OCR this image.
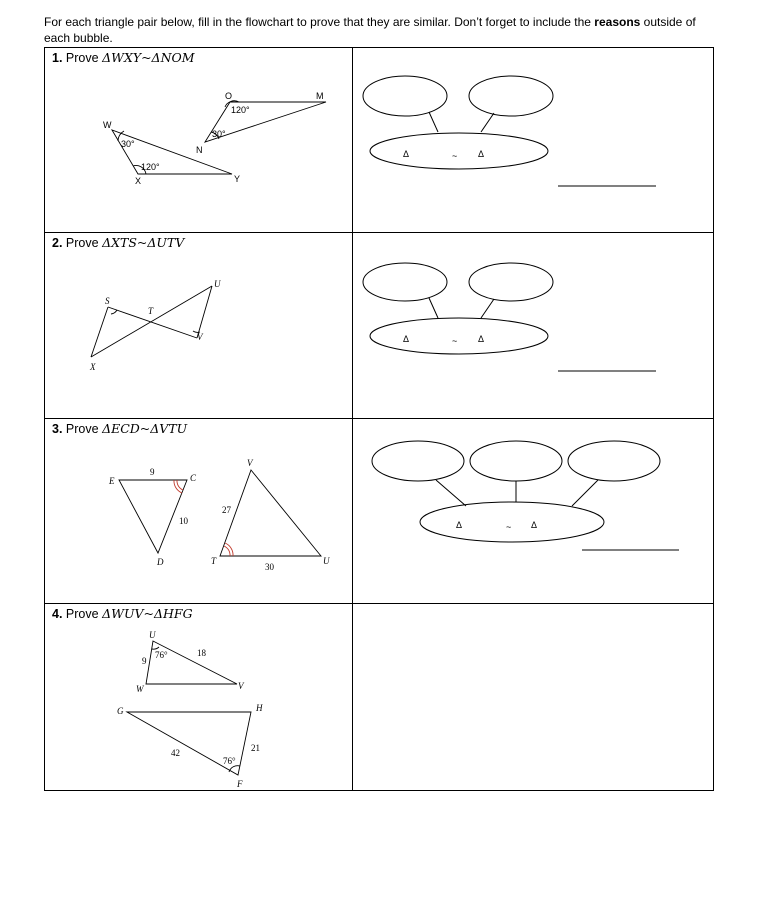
For each triangle pair below, fill in the flowchart to prove that they are similar. Don’t forget to include the reasons outside of each bubble.
1. Prove ΔWXY~ΔNOM
2. Prove ΔXTS~ΔUTV
3. Prove ΔECD~ΔVTU
4. Prove ΔWUV~ΔHFG
W
X	Y
N
O	M
30°
120°
120°
30°
S
T
X
U
V
E	C
D
V
T	U
9
10
27
30
U
W	V
G	H
F
9
18
42	21
76°
76°
Δ	~ Δ
Δ	~ Δ
Δ	~ Δ
